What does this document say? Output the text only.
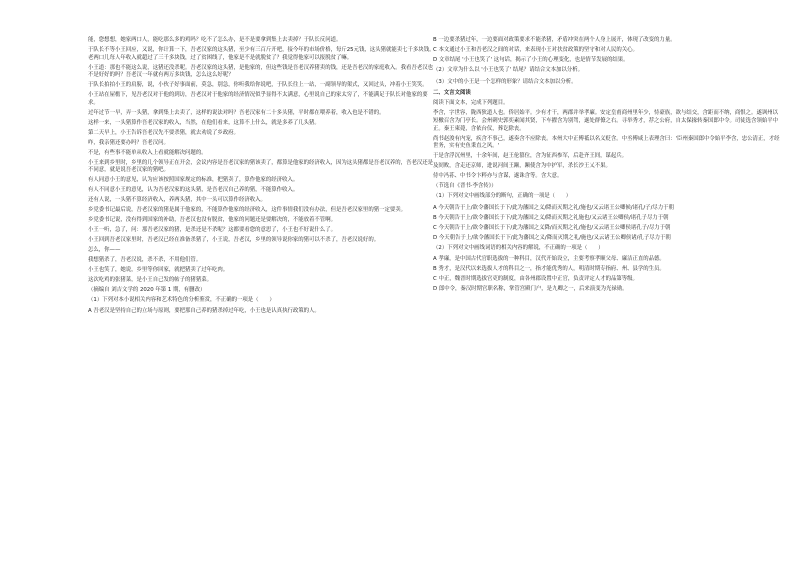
能，您想想，她家两口人，能吃那么多的鸡吗？吃不了怎么办，是不是要拿到集上去卖掉？于队长反问道。

于队长不等小王回应，又说，你计算一下，吾老汉家的这头猪，至少有三百斤开吧，接今年的市场价格，每斤25元钱，这头猪就能卖七千多块钱。老两口儿每人年收入就超过了三千多块钱，过了贫困线了，他家是不是就脱贫了？我觉得他家可以报脱贫了嘛。

小王道：那也不能这么说，这猪还没杀呢。吾老汉家的这头猪，是他家的，但这些钱是吾老汉养猪卖的钱，还是吾老汉的家庭收入。我看吾老汉也不是好好的吗？吾老汉一年就有两万多块钱，怎么这么好呢？

于队长拍拍小王的肩膀，说，小伙子好事面前，莫急，别急，你听我给你说吧，于队长往上一站，一副领导的架式，又回过头，冲着小王笑笑。

小王站在屋檐下，见吾老汉对于他的到访，吾老汉对于他家的经济情况似乎显得不太满意，心里说自己的家太穷了，不能满足于队长对他家的要求。

过年过节一早，弄一头猪，拿到集上去卖了，这样的说法对吗？吾老汉家有二十多头猪，平时都在喂养着，收入也是不错的。

这样一来，一头猪算作吾老汉家的收入，当然，在他们看来，这算不上什么，就是多养了几头猪。

第二天早上，小王告诉吾老汉先不要杀猪，就去劝说了乡政府。

咋，我亲猪还要办吗？吾老汉问。

不是，有些事不能单从收入上看就能解决问题的。

小王来到乡里时，乡里的几个领导正在开会，会议内容是吾老汉家的猪该卖了，都算是他家的经济收入，因为这头猪都是吾老汉养的，吾老汉还是不同意，就是说吾老汉家的猪吧。

有人同意小王的意见，认为应该按照国家规定的标准，把猪卖了，算作他家的经济收入。

有人不同意小王的意见，认为吾老汉家的这头猪，是吾老汉自己养的猪，不能算作收入。

还有人说，一头猪不算经济收入，养两头猪，其中一头可以算作经济收入。

乡党委书记最后说，吾老汉家的猪是属于他家的，不能算作他家的经济收入，这件事情我们没有办法，但是吾老汉家里的猪一定要卖。

乡党委书记说，没有得到国家的补助，吾老汉也没有脱贫，他家的问题还是要解决的，不能放着不管啊。

小王一听，急了，问：那吾老汉家的猪，是杀还是不杀呢？这都要看您的意思了，小王也不好说什么了。

小王回到吾老汉家里时，吾老汉已经在准备杀猪了，小王说，吾老汉，乡里的领导说你家的猪可以不杀了，吾老汉说好的。

怎么，你——

我想猪杀了，吾老汉说，杀不杀，不用他们管。

小王也笑了，她说，乡里等你回家，就把猪卖了过年吃肉。

这次吃鸡的张猪菜，是小王自己发的帖子的猪猪菜。

（摘编自 刘吉文学的 2020 年第 1 期，有删改）

（1）下列对本小说相关内容和艺术特色的分析鉴赏，不正确的一项是（　　）

A 吾老汉是坚持自己的立场与原则，要把那自己养的猪杀掉过年吃，小王也是认真执行政策的人。

B 一边要杀猪过年，一边要面对政策要求不能杀猪，矛盾冲突在两个人身上展开，体现了改变的力量。

C 本文通过小王和吾老汉之间的对话，来表现小王对扶贫政策的坚守和对人民的关心。

D 文章结尾 '小王也笑了' 这句话，揭示了小王的心理变化，也是情节发展的结果。

（2）文章为什么以 '小王也笑了' 结尾？请结合文本加以分析。

（3）文中的小王是一个怎样的形象？请结合文本加以分析。

二、文言文阅读

阅读下面文本，完成下列题目。

李含，字世容，陇西狄道人也。侨居始平。少有才干，两郡并举孝廉。安定皇甫商州里年少，恃豪族，欲与结交，含距而不纳，商恨之。遂讽州以短檄召含为门亭长。会州刺史郭奕素闻其贤，下车擢含为别驾，遂处群僚之右。寻举秀才，荐之公府，自太保掾转秦国郎中令。司徒选含领始平中正。秦王柬薨，含依台仪，葬讫除丧。

尚书赵浚有内宠，疾含不事己，遂奏含不应除丧。本州大中正傅祗以名义贬含。中丞傅咸上表理含曰：'臣州秦国郎中令始平李含，忠公清正，才经世务，实有史鱼秉直之风。'

于是含浮沉州里，十余年间，赵王伦篡位，含为征西参军，后赴齐王冏，谋起兵。

及冏败，含走还京师，进说河间王颙，颙使含为中护军，杀长沙王乂不果。

侍中冯荪、中书令卞粹亦与含谋，遂诛含等。含大意。

（节选自《晋书·李含传》）

（1）下列对文中画线部分的断句，正确的一项是（　　）

A 今天朝告于上/欲令藩国长于下/此为藩国之义/降而灭期之礼/施也/又云诸王公卿候/诸孔/子/尽力于朝

B 今天朝告于上/欲令藩国长于下/此为藩国之义/降而灭期之礼施也/又云诸王公卿侯/诸孔子尽力于朝

C 今天朝告于上/欲令藩国长于下/此为藩国之义降/而灭期之礼/施也/又云诸王公卿侯诸孔子/尽力于朝

D 今天朝告于上/欲令藩国长于下/此为藩国之义/降而灭期之礼/施也/又云诸王公卿侯诸/孔子尽力于朝

（2）下列对文中画线词语的相关内容的解说，不正确的一项是（　　）

A 孝廉，是中国古代官职选拔的一种科目，汉代开始设立，主要考察孝顺父母、廉洁正直的品德。

B 秀才，是汉代以来选拔人才的科目之一，指才能优秀的人，明清时期专指府、州、县学的生员。

C 中正，魏晋时期选拔官吏的制度，由各州郡设置中正官，负责评定人才的品第等级。

D 郎中令，秦汉时期官职名称，掌管宫殿门户，是九卿之一，后来演变为光禄勋。
